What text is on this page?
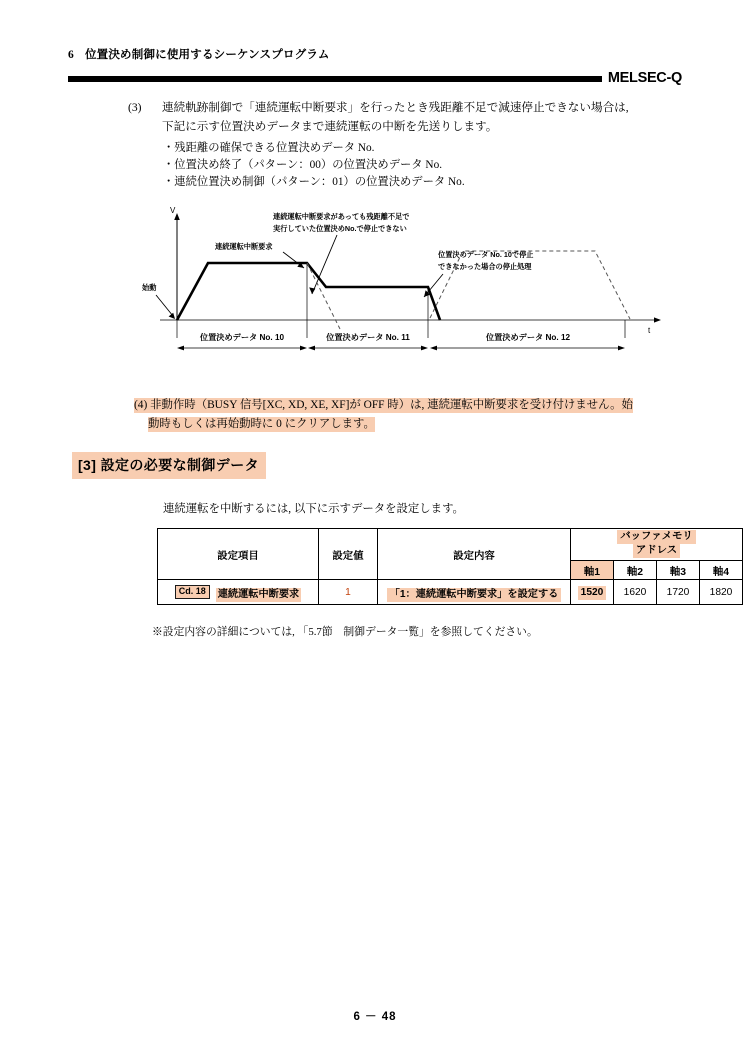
6 位置決め制御に使用するシーケンスプログラム
MELSEC-Q
(3)	連続軌跡制御で「連続運転中断要求」を行ったとき残距離不足で減速停止できない場合は,
下記に示す位置決めデータまで連続運転の中断を先送りします。
・残距離の確保できる位置決めデータ No.
・位置決め終了（パターン：00）の位置決めデータ No.
・連続位置決め制御（パターン：01）の位置決めデータ No.
連続運転中断要求があっても残距離不足で
実行していた位置決めNo.で停止できない
位置決めデータ No. 10で停止
できなかった場合の停止処理
連続運転中断要求
V
t
始動
位置決めデータ No. 10	位置決めデータ No. 11	位置決めデータ No. 12
(4) 非動作時（BUSY 信号[XC, XD, XE, XF]が OFF 時）は, 連続運転中断要求を受け付けません。始
動時もしくは再始動時に 0 にクリアします。
[3] 設定の必要な制御データ
連続運転を中断するには, 以下に示すデータを設定します。
設定項目	設定値	設定内容	バッファメモリ
アドレス			

			軸1	軸2	軸3	軸4
Cd. 18 連続運転中断要求	1	「1：連続運転中断要求」を設定する	1520	1620	1720	1820
※設定内容の詳細については, 「5.7節　制御データ一覧」を参照してください。
6 － 48
